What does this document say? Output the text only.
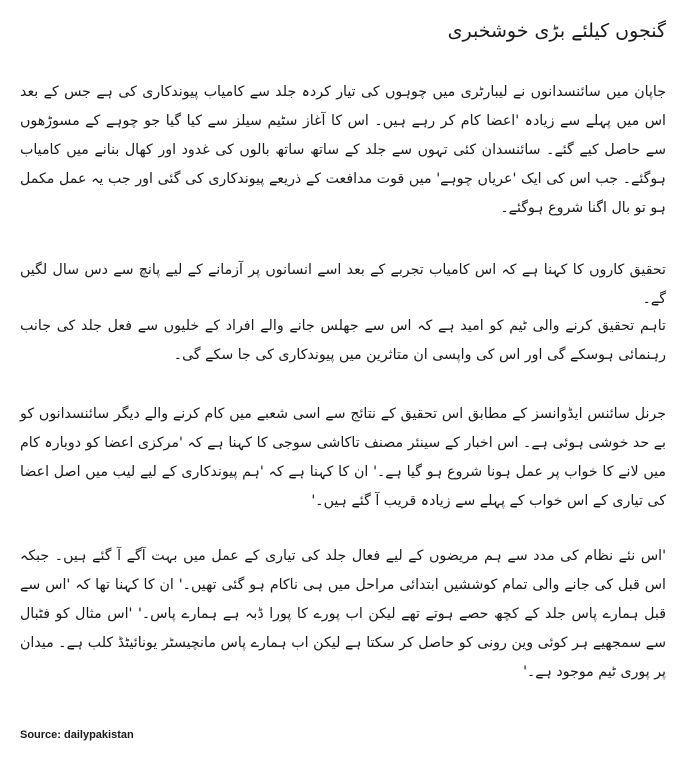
گنجوں کیلئے بڑی خوشخبری

جاپان میں سائنسدانوں نے لیبارٹری میں چوہوں کی تیار کردہ جلد سے کامیاب پیوندکاری کی ہے جس کے بعد اس میں پہلے سے زیادہ 'اعضا کام کر رہے ہیں۔ اس کا آغاز سٹیم سیلز سے کیا گیا جو چوہے کے مسوڑھوں سے حاصل کیے گئے۔ سائنسدان کئی تہوں سے جلد کے ساتھ ساتھ بالوں کی غدود اور کھال بنانے میں کامیاب ہوگئے۔ جب اس کی ایک 'عریاں چوہے' میں قوت مدافعت کے ذریعے پیوندکاری کی گئی اور جب یہ عمل مکمل ہو تو بال اگنا شروع ہوگئے۔

تحقیق کاروں کا کہنا ہے کہ اس کامیاب تجربے کے بعد اسے انسانوں پر آزمانے کے لیے پانچ سے دس سال لگیں گے۔

تاہم تحقیق کرنے والی ٹیم کو امید ہے کہ اس سے جھلس جانے والے افراد کے خلیوں سے فعل جلد کی جانب رہنمائی ہوسکے گی اور اس کی واپسی ان متاثرین میں پیوندکاری کی جا سکے گی۔

جرنل سائنس ایڈوانسز کے مطابق اس تحقیق کے نتائج سے اسی شعبے میں کام کرنے والے دیگر سائنسدانوں کو بے حد خوشی ہوئی ہے۔ اس اخبار کے سینئر مصنف تاکاشی سوجی کا کہنا ہے کہ 'مرکزی اعضا کو دوبارہ کام میں لانے کا خواب پر عمل ہونا شروع ہو گیا ہے۔' ان کا کہنا ہے کہ 'ہم پیوندکاری کے لیے لیب میں اصل اعضا کی تیاری کے اس خواب کے پہلے سے زیادہ قریب آ گئے ہیں۔'

'اس نئے نظام کی مدد سے ہم مریضوں کے لیے فعال جلد کی تیاری کے عمل میں بہت آگے آ گئے ہیں۔ جبکہ اس قبل کی جانے والی تمام کوششیں ابتدائی مراحل میں ہی ناکام ہو گئی تھیں۔' ان کا کہنا تھا کہ 'اس سے قبل ہمارے پاس جلد کے کچھ حصے ہوتے تھے لیکن اب پورے کا پورا ڈبہ ہے ہمارے پاس۔' 'اس مثال کو فٹبال سے سمجھیے ہر کوئی وین رونی کو حاصل کر سکتا ہے لیکن اب ہمارے پاس مانچیسٹر یونائیٹڈ کلب ہے۔ میدان پر پوری ٹیم موجود ہے۔'

Source: dailypakistan
